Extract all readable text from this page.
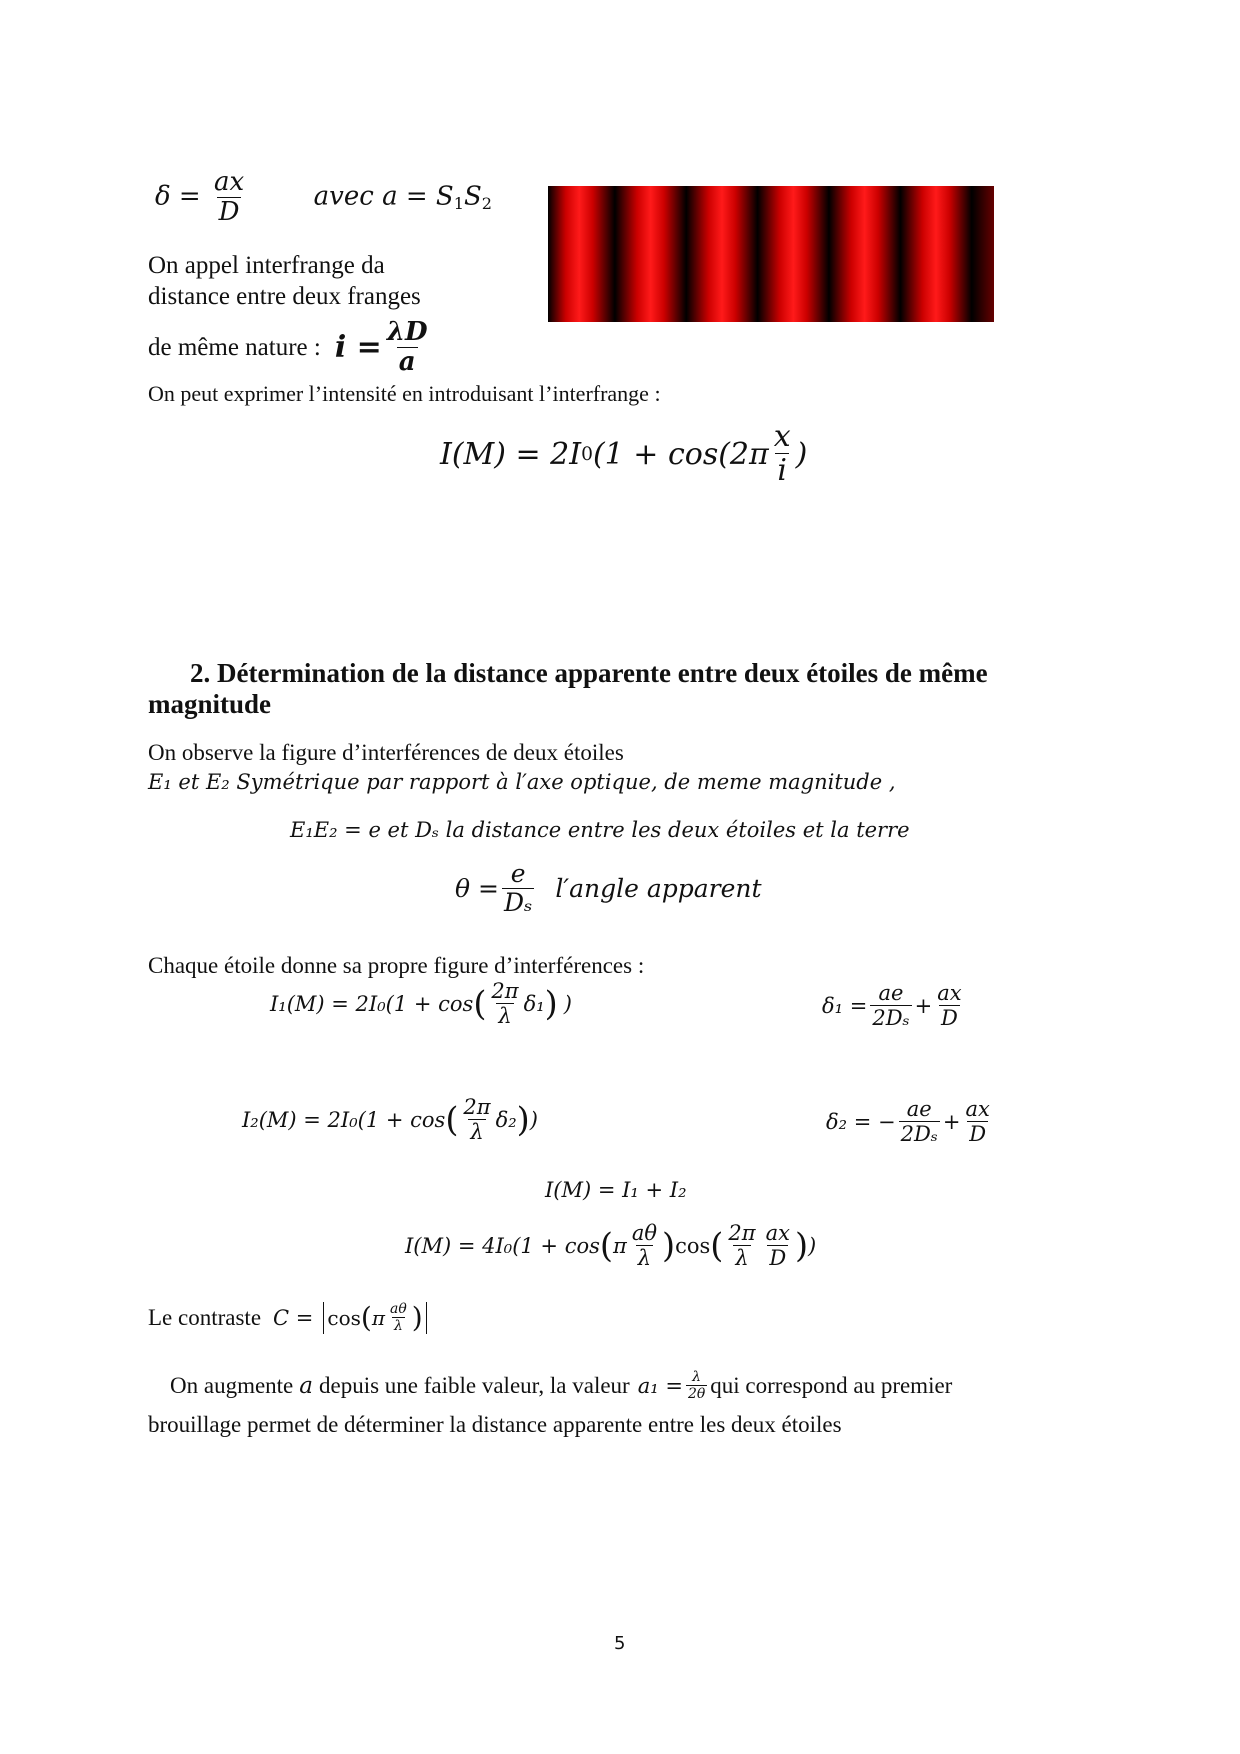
$\delta = \frac{ax}{D}$	avec $a = S_1S_2$
On appel interfrange da
distance entre deux franges
de même nature : $i = \frac{\lambda D}{a}$
On peut exprimer l’intensité en introduisant l’interfrange :
I(M) = 2I 0 ($1 + \cos(2\pi \frac{x}{i}$ )
2. Détermination de la distance apparente entre deux étoiles de même
magnitude
On observe la figure d’interférences de deux étoiles
E₁ et E₂ Symétrique par rapport à l′axe optique, de meme magnitude ,
E₁E₂ = e et Dₛ la distance entre les deux étoiles et la terre
$\theta = \frac{e}{\text{Dₛ}}$ l′angle apparent
Chaque étoile donne sa propre figure d’interférences :
I₁(M) = 2I₀(1 + cos ( $\frac{2\pi}{\lambda} \delta_1$ ) )	$\delta_1 = \frac{ae}{\text{2Dₛ}} + \frac{ax}{D}$
I₂(M) = 2I₀(1 + cos ( $\frac{2\pi}{\lambda} \delta_2$ ) )	δ₂ = − $\frac{ae}{\text{2Dₛ}} + \frac{ax}{D}$
I(M) = I₁ + I₂
I(M) = 4I₀(1 + cos ( π $\frac{a\theta}{\lambda}$ ) cos ( $\frac{2\pi}{\lambda} \frac{ax}{D}$ ) )
Le contraste C = cos ( π $\frac{a\theta}{\lambda}$ )
On augmente a depuis une faible valeur, la valeur $a_1 = \frac{\lambda}{2\theta}$ qui correspond au premier
brouillage permet de déterminer la distance apparente entre les deux étoiles
5
